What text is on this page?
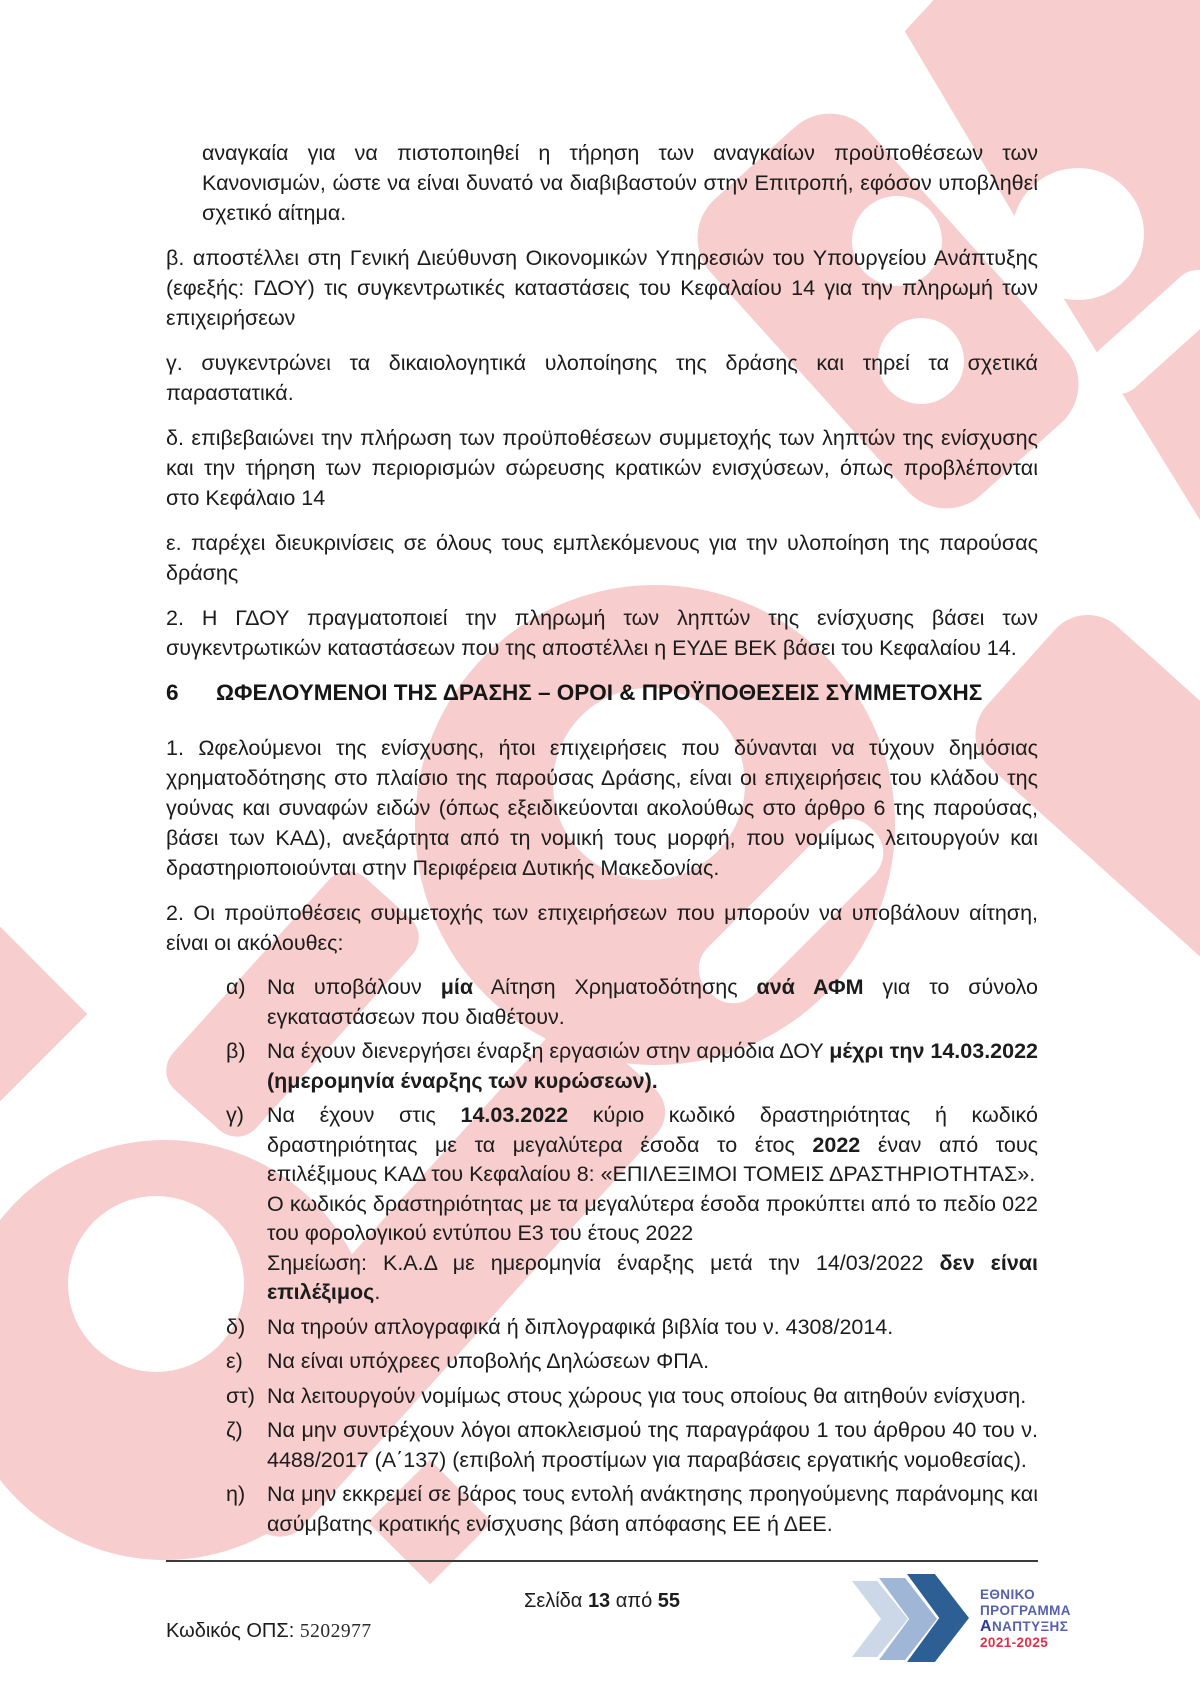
αναγκαία για να πιστοποιηθεί η τήρηση των αναγκαίων προϋποθέσεων των Κανονισμών, ώστε να είναι δυνατό να διαβιβαστούν στην Επιτροπή, εφόσον υποβληθεί σχετικό αίτημα.
β. αποστέλλει στη Γενική Διεύθυνση Οικονομικών Υπηρεσιών του Υπουργείου Ανάπτυξης (εφεξής: ΓΔΟΥ) τις συγκεντρωτικές καταστάσεις του Κεφαλαίου 14 για την πληρωμή των επιχειρήσεων
γ. συγκεντρώνει τα δικαιολογητικά υλοποίησης της δράσης και τηρεί τα σχετικά παραστατικά.
δ. επιβεβαιώνει την πλήρωση των προϋποθέσεων συμμετοχής των ληπτών της ενίσχυσης και την τήρηση των περιορισμών σώρευσης κρατικών ενισχύσεων, όπως προβλέπονται στο Κεφάλαιο 14
ε. παρέχει διευκρινίσεις σε όλους τους εμπλεκόμενους για την υλοποίηση της παρούσας δράσης
2. Η ΓΔΟΥ πραγματοποιεί την πληρωμή των ληπτών της ενίσχυσης βάσει των συγκεντρωτικών καταστάσεων που της αποστέλλει η ΕΥΔΕ ΒΕΚ βάσει του Κεφαλαίου 14.
6	ΩΦΕΛΟΥΜΕΝΟΙ ΤΗΣ ΔΡΑΣΗΣ – ΟΡΟΙ & ΠΡΟΫΠΟΘΕΣΕΙΣ ΣΥΜΜΕΤΟΧΗΣ
1. Ωφελούμενοι της ενίσχυσης, ήτοι επιχειρήσεις που δύνανται να τύχουν δημόσιας χρηματοδότησης στο πλαίσιο της παρούσας Δράσης, είναι οι επιχειρήσεις του κλάδου της γούνας και συναφών ειδών (όπως εξειδικεύονται ακολούθως στο άρθρο 6 της παρούσας, βάσει των ΚΑΔ), ανεξάρτητα από τη νομική τους μορφή, που νομίμως λειτουργούν και δραστηριοποιούνται στην Περιφέρεια Δυτικής Μακεδονίας.
2. Οι προϋποθέσεις συμμετοχής των επιχειρήσεων που μπορούν να υποβάλουν αίτηση, είναι οι ακόλουθες:
α) Να υποβάλουν μία Αίτηση Χρηματοδότησης ανά ΑΦΜ για το σύνολο εγκαταστάσεων που διαθέτουν.
β) Να έχουν διενεργήσει έναρξη εργασιών στην αρμόδια ΔΟΥ μέχρι την 14.03.2022 (ημερομηνία έναρξης των κυρώσεων).
γ)	Να έχουν στις 14.03.2022 κύριο κωδικό δραστηριότητας ή κωδικό δραστηριότητας με τα μεγαλύτερα έσοδα το έτος 2022 έναν από τους επιλέξιμους ΚΑΔ του Κεφαλαίου 8: «ΕΠΙΛΕΞΙΜΟΙ ΤΟΜΕΙΣ ΔΡΑΣΤΗΡΙΟΤΗΤΑΣ».
Ο κωδικός δραστηριότητας με τα μεγαλύτερα έσοδα προκύπτει από το πεδίο 022 του φορολογικού εντύπου Ε3 του έτους 2022
Σημείωση: Κ.Α.Δ με ημερομηνία έναρξης μετά την 14/03/2022 δεν είναι επιλέξιμος.
δ)	Να τηρούν απλογραφικά ή διπλογραφικά βιβλία του ν. 4308/2014.
ε)	Να είναι υπόχρεες υποβολής Δηλώσεων ΦΠΑ.
στ) Να λειτουργούν νομίμως στους χώρους για τους οποίους θα αιτηθούν ενίσχυση.
ζ)	Να μην συντρέχουν λόγοι αποκλεισμού της παραγράφου 1 του άρθρου 40 του ν. 4488/2017 (Α΄137) (επιβολή προστίμων για παραβάσεις εργατικής νομοθεσίας).
η)	Να μην εκκρεμεί σε βάρος τους εντολή ανάκτησης προηγούμενης παράνομης και ασύμβατης κρατικής ενίσχυσης βάση απόφασης ΕΕ ή ΔΕΕ.
Σελίδα 13 από 55
Κωδικός ΟΠΣ: 5202977
ΕΘΝΙΚΟ
ΠΡΟΓΡΑΜΜΑ
ΑΝΑΠΤΥΞΗΣ
2021-2025
